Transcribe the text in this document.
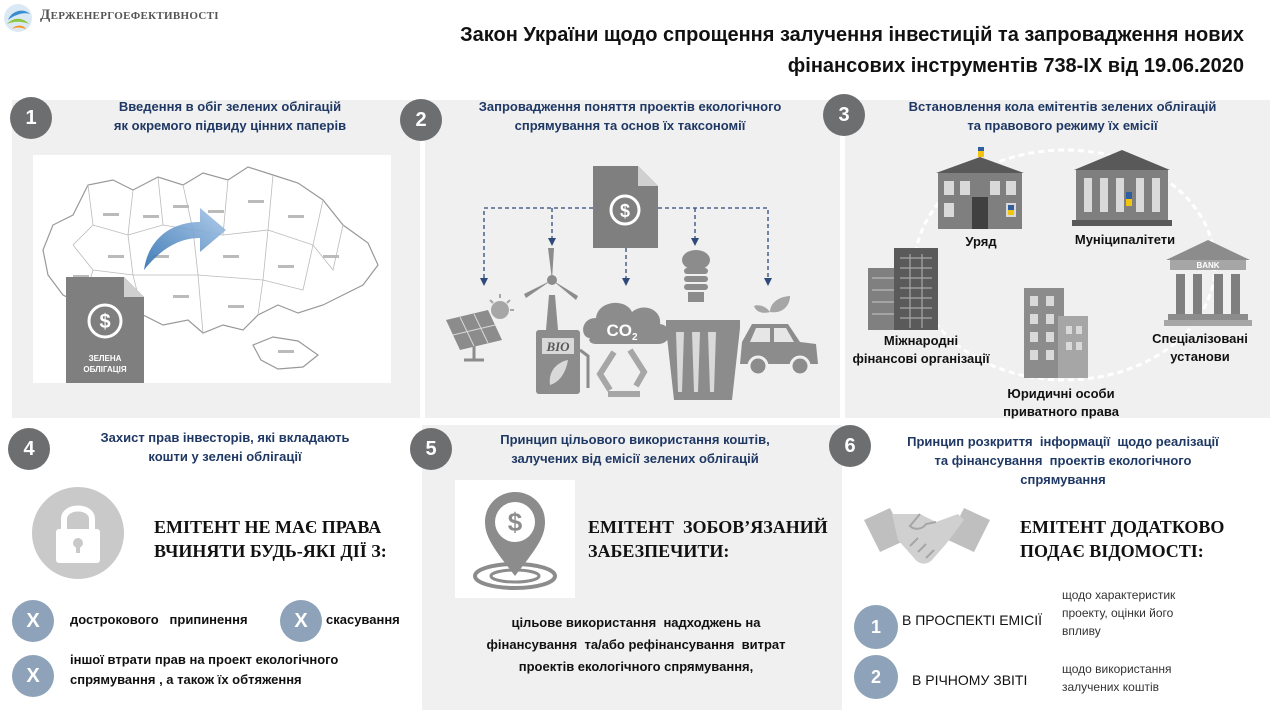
Держенергоефективності
Закон України щодо спрощення залучення інвестицій та запровадження нових
фінансових інструментів 738-ІХ від 19.06.2020
1	Введення в обіг зелених облігацій
як окремого підвиду цінних паперів
$
ЗЕЛЕНА
ОБЛІГАЦІЯ
2
Запровадження поняття проектів екологічного
спрямування та основ їх таксономії
$
BIO
$CO_2$
3	Встановлення кола емітентів зелених облігацій
та правового режиму їх емісії
Уряд	Муніципалітети
Міжнародні
фінансові організації
Юридичні особи
приватного права
BANK
Спеціалізовані
установи
4	Захист прав інвесторів, які вкладають
кошти у зелені облігації
ЕМІТЕНТ НЕ МАЄ ПРАВА
ВЧИНЯТИ БУДЬ-ЯКІ ДІЇ З:
X	дострокового   припинення	X	скасування
X
іншої втрати прав на проект екологічного
спрямування , а також їх обтяження
5	Принцип цільового використання коштів,
залучених від емісії зелених облігацій
$	ЕМІТЕНТ  ЗОБОВ’ЯЗАНИЙ
ЗАБЕЗПЕЧИТИ:
цільове використання  надходжень на
фінансування  та/або рефінансування  витрат
проектів екологічного спрямування,
6	Принцип розкриття  інформації  щодо реалізації
та фінансування  проектів екологічного
спрямування
ЕМІТЕНТ ДОДАТКОВО
ПОДАЄ ВІДОМОСТІ:
1	В ПРОСПЕКТІ ЕМІСІЇ
щодо характеристик
проекту, оцінки його
впливу
2	В РІЧНОМУ ЗВІТІ
щодо використання
залучених коштів
